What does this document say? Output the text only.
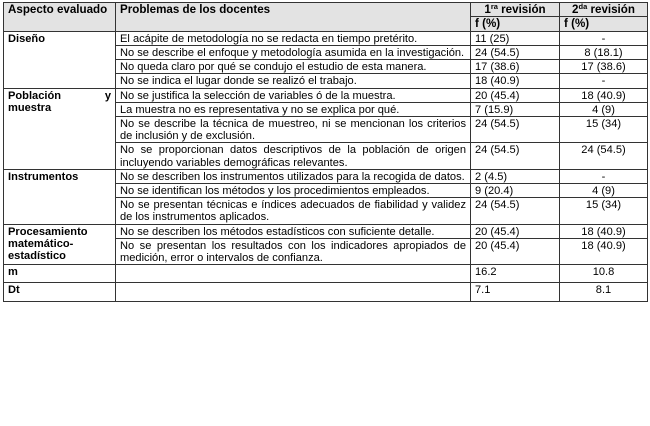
Aspecto evaluado	Problemas de los docentes	$1^{ra}$ revisión	$2^{da}$ revisión
		f (%)	f (%)
Diseño	El acápite de metodología no se redacta en tiempo pretérito.	11 (25)	-
	No se describe el enfoque y metodología asumida en la investigación.	24 (54.5)	8 (18.1)
	No queda claro por qué se condujo el estudio de esta manera.	17 (38.6)	17 (38.6)
	No se indica el lugar donde se realizó el trabajo.	18 (40.9)	-

Población y
muestra	No se justifica la selección de variables ó de la muestra.	20 (45.4)	18 (40.9)
	La muestra no es representativa y no se explica por qué.	7 (15.9)	4 (9)
	No se describe la técnica de muestreo, ni se mencionan los criterios de inclusión y de exclusión.	24 (54.5)	15 (34)
	No se proporcionan datos descriptivos de la población de origen incluyendo variables demográficas relevantes.	24 (54.5)	24 (54.5)
Instrumentos	No se describen los instrumentos utilizados para la recogida de datos.	2 (4.5)	-
	No se identifican los métodos y los procedimientos empleados.	9 (20.4)	4 (9)
	No se presentan técnicas e índices adecuados de fiabilidad y validez de los instrumentos aplicados.	24 (54.5)	15 (34)
Procesamiento matemático-estadístico	No se describen los métodos estadísticos con suficiente detalle.	20 (45.4)	18 (40.9)
	No se presentan los resultados con los indicadores apropiados de medición, error o intervalos de confianza.	20 (45.4)	18 (40.9)
m		16.2	10.8
Dt		7.1	8.1
